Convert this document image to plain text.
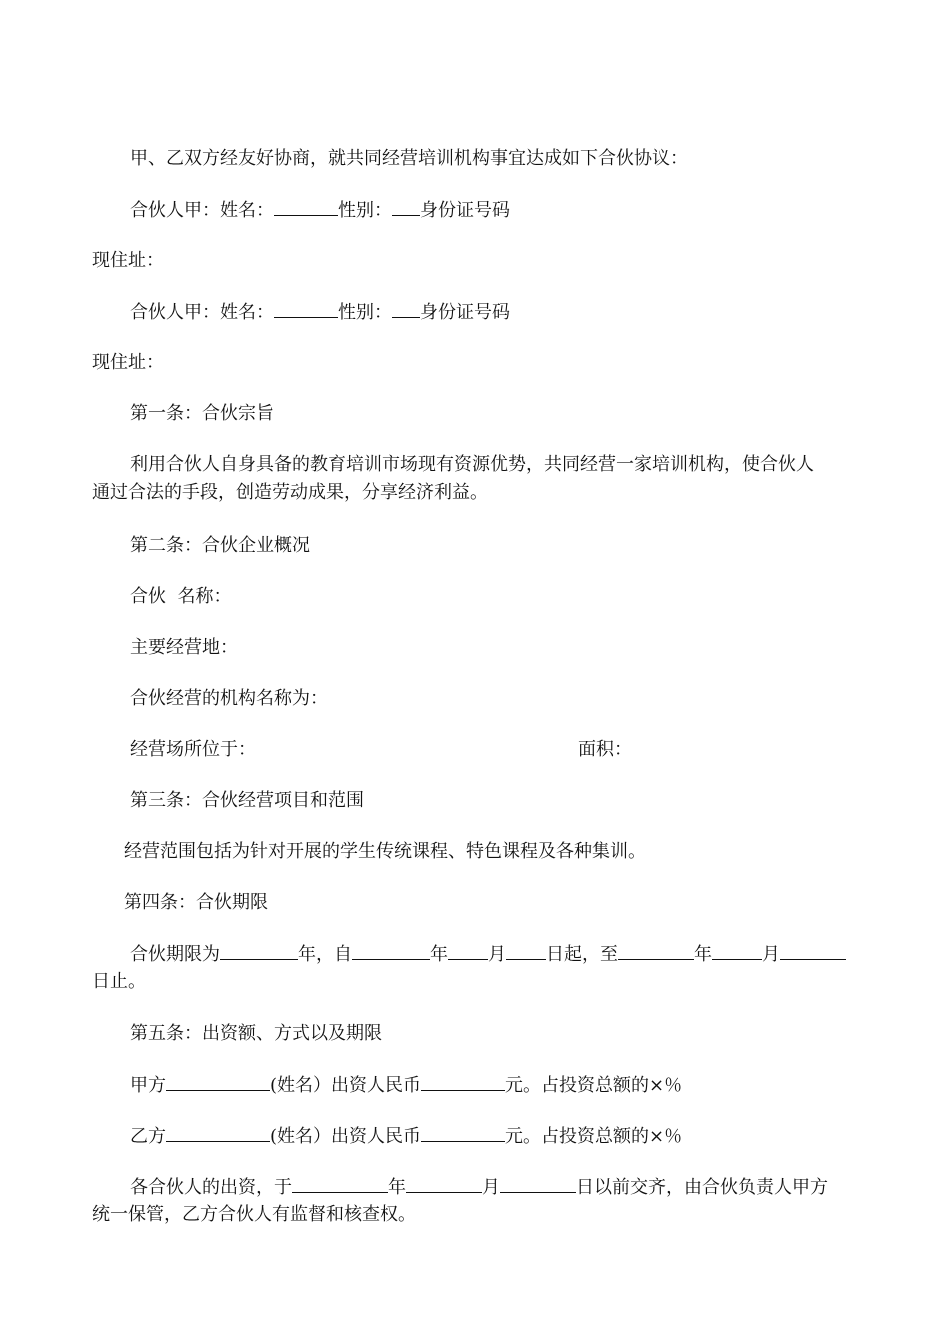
甲、乙双方经友好协商，就共同经营培训机构事宜达成如下合伙协议：
合伙人甲：姓名：	性别： 身份证号码
现住址：
合伙人甲：姓名：	性别： 身份证号码
现住址：
第一条：合伙宗旨
利用合伙人自身具备的教育培训市场现有资源优势，共同经营一家培训机构，使合伙人
通过合法的手段，创造劳动成果，分享经济利益。
第二条：合伙企业概况
合伙  名称：
主要经营地：
合伙经营的机构名称为：
经营场所位于：	面积：
第三条：合伙经营项目和范围
经营范围包括为针对开展的学生传统课程、特色课程及各种集训。
第四条：合伙期限
合伙期限为	年，自	年 月 日起，至	年	月
日止。
第五条：出资额、方式以及期限
甲方	(姓名）出资人民币	元。占投资总额的×％
乙方	(姓名）出资人民币	元。占投资总额的×％
各合伙人的出资，于	年	月	日以前交齐，由合伙负责人甲方
统一保管，乙方合伙人有监督和核查权。
